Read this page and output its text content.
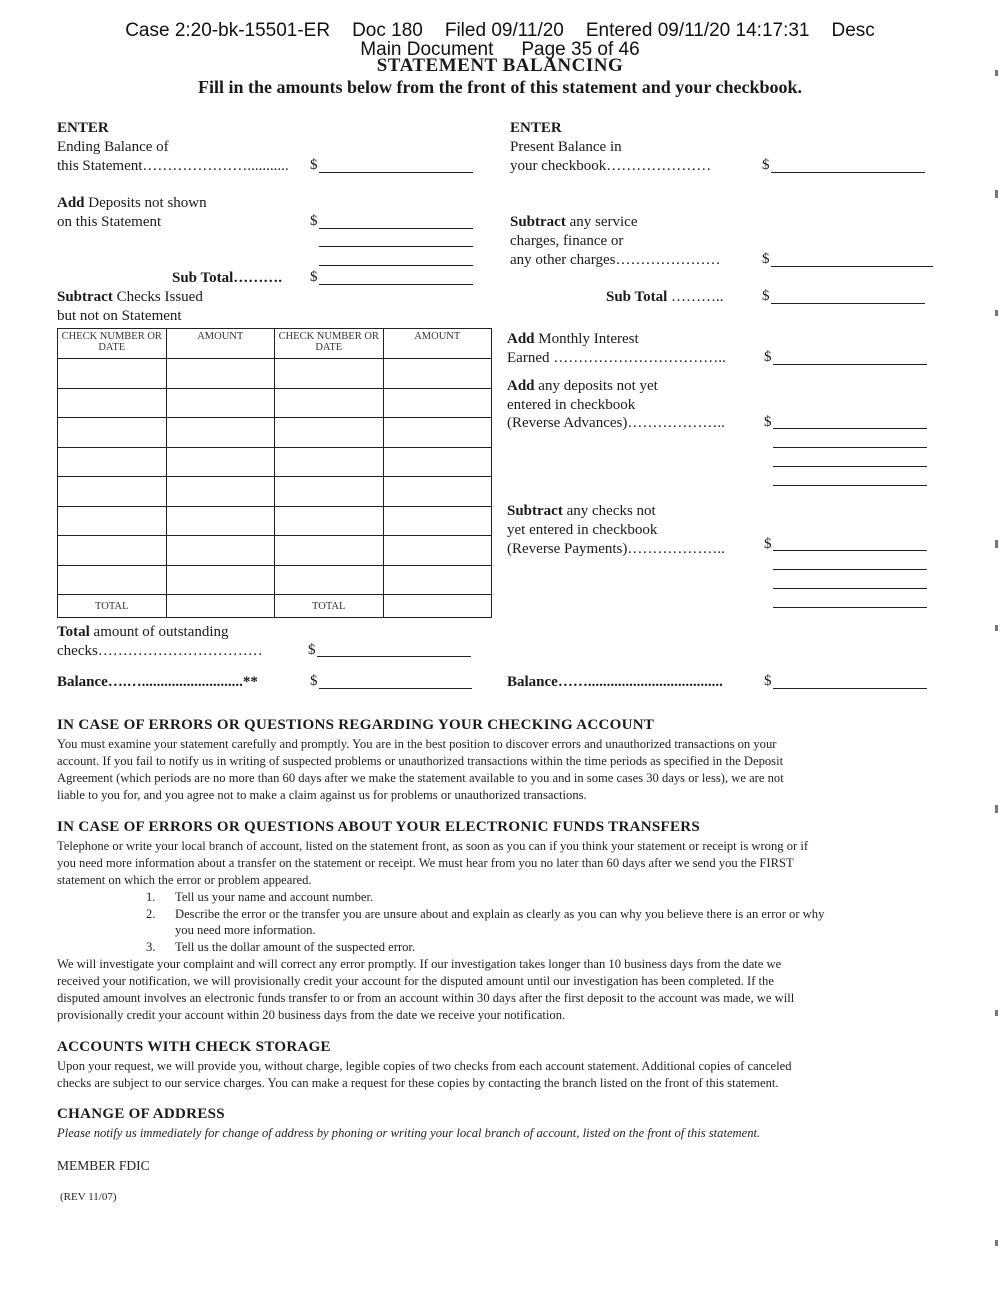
Case 2:20-bk-15501-ER Doc 180 Filed 09/11/20 Entered 09/11/20 14:17:31 Desc
Main Document Page 35 of 46
STATEMENT BALANCING
Fill in the amounts below from the front of this statement and your checkbook.
ENTER
Ending Balance of
this Statement…………………........... $
Add Deposits not shown
on this Statement	$
Sub Total………. $
Subtract Checks Issued
but not on Statement
CHECK NUMBER OR DATE	AMOUNT	CHECK NUMBER OR DATE	AMOUNT

TOTAL		TOTAL	
Total amount of outstanding
checks……………………………	$
Balance….…...........................**	$
ENTER
Present Balance in
your checkbook…………………	$
Subtract any service
charges, finance or
any other charges…………………	$
Sub Total ………..	$
Add Monthly Interest
Earned ……………………………..	$
Add any deposits not yet
entered in checkbook
(Reverse Advances)………………..	$
Subtract any checks not
yet entered in checkbook
(Reverse Payments)………………..	$
Balance……....................................	$
IN CASE OF ERRORS OR QUESTIONS REGARDING YOUR CHECKING ACCOUNT
You must examine your statement carefully and promptly. You are in the best position to discover errors and unauthorized transactions on your
account. If you fail to notify us in writing of suspected problems or unauthorized transactions within the time periods as specified in the Deposit
Agreement (which periods are no more than 60 days after we make the statement available to you and in some cases 30 days or less), we are not
liable to you for, and you agree not to make a claim against us for problems or unauthorized transactions.
IN CASE OF ERRORS OR QUESTIONS ABOUT YOUR ELECTRONIC FUNDS TRANSFERS
Telephone or write your local branch of account, listed on the statement front, as soon as you can if you think your statement or receipt is wrong or if
you need more information about a transfer on the statement or receipt. We must hear from you no later than 60 days after we send you the FIRST
statement on which the error or problem appeared.
1. Tell us your name and account number.
2. Describe the error or the transfer you are unsure about and explain as clearly as you can why you believe there is an error or why
you need more information.
3. Tell us the dollar amount of the suspected error.
We will investigate your complaint and will correct any error promptly. If our investigation takes longer than 10 business days from the date we
received your notification, we will provisionally credit your account for the disputed amount until our investigation has been completed. If the
disputed amount involves an electronic funds transfer to or from an account within 30 days after the first deposit to the account was made, we will
provisionally credit your account within 20 business days from the date we receive your notification.
ACCOUNTS WITH CHECK STORAGE
Upon your request, we will provide you, without charge, legible copies of two checks from each account statement. Additional copies of canceled
checks are subject to our service charges. You can make a request for these copies by contacting the branch listed on the front of this statement.
CHANGE OF ADDRESS
Please notify us immediately for change of address by phoning or writing your local branch of account, listed on the front of this statement.
MEMBER FDIC
(REV 11/07)
